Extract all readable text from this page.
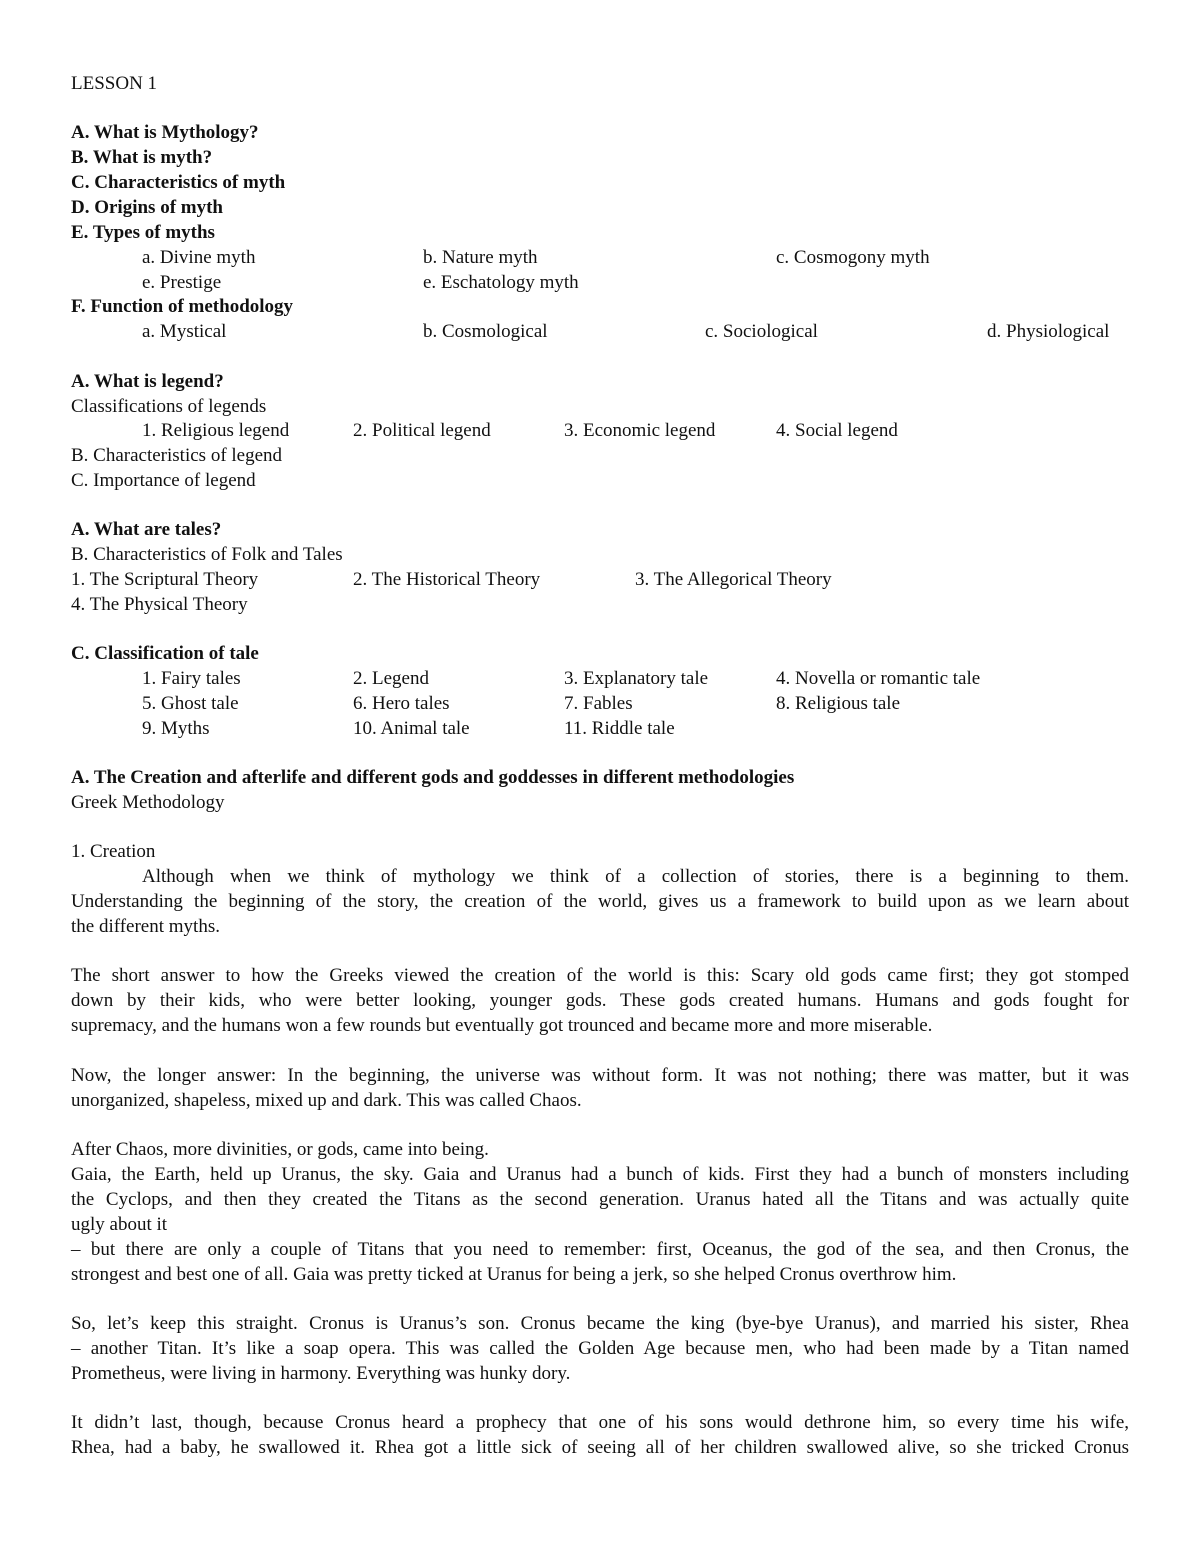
LESSON 1
A. What is Mythology?
B. What is myth?
C. Characteristics of myth
D. Origins of myth
E. Types of myths
a. Divine myth	b. Nature myth	c. Cosmogony myth
e. Prestige	e. Eschatology myth
F. Function of methodology
a. Mystical	b. Cosmological	c. Sociological	d. Physiological
A. What is legend?
Classifications of legends
1. Religious legend	2. Political legend	3. Economic legend	4. Social legend
B. Characteristics of legend
C. Importance of legend
A. What are tales?
B. Characteristics of Folk and Tales
1. The Scriptural Theory	2. The Historical Theory	3. The Allegorical Theory
4. The Physical Theory
C. Classification of tale
1. Fairy tales	2. Legend	3. Explanatory tale	4. Novella or romantic tale
5. Ghost tale	6. Hero tales	7. Fables	8. Religious tale
9. Myths	10. Animal tale	11. Riddle tale
A. The Creation and afterlife and different gods and goddesses in different methodologies
Greek Methodology
1. Creation
Although when we think of mythology we think of a collection of stories, there is a beginning to them.
Understanding the beginning of the story, the creation of the world, gives us a framework to build upon as we learn about
the different myths.
The short answer to how the Greeks viewed the creation of the world is this: Scary old gods came first; they got stomped
down by their kids, who were better looking, younger gods. These gods created humans. Humans and gods fought for
supremacy, and the humans won a few rounds but eventually got trounced and became more and more miserable.
Now, the longer answer: In the beginning, the universe was without form. It was not nothing; there was matter, but it was
unorganized, shapeless, mixed up and dark. This was called Chaos.
After Chaos, more divinities, or gods, came into being.
Gaia, the Earth, held up Uranus, the sky. Gaia and Uranus had a bunch of kids. First they had a bunch of monsters including
the Cyclops, and then they created the Titans as the second generation. Uranus hated all the Titans and was actually quite
ugly about it
– but there are only a couple of Titans that you need to remember: first, Oceanus, the god of the sea, and then Cronus, the
strongest and best one of all. Gaia was pretty ticked at Uranus for being a jerk, so she helped Cronus overthrow him.
So, let’s keep this straight. Cronus is Uranus’s son. Cronus became the king (bye-bye Uranus), and married his sister, Rhea
– another Titan. It’s like a soap opera. This was called the Golden Age because men, who had been made by a Titan named
Prometheus, were living in harmony. Everything was hunky dory.
It didn’t last, though, because Cronus heard a prophecy that one of his sons would dethrone him, so every time his wife,
Rhea, had a baby, he swallowed it. Rhea got a little sick of seeing all of her children swallowed alive, so she tricked Cronus
